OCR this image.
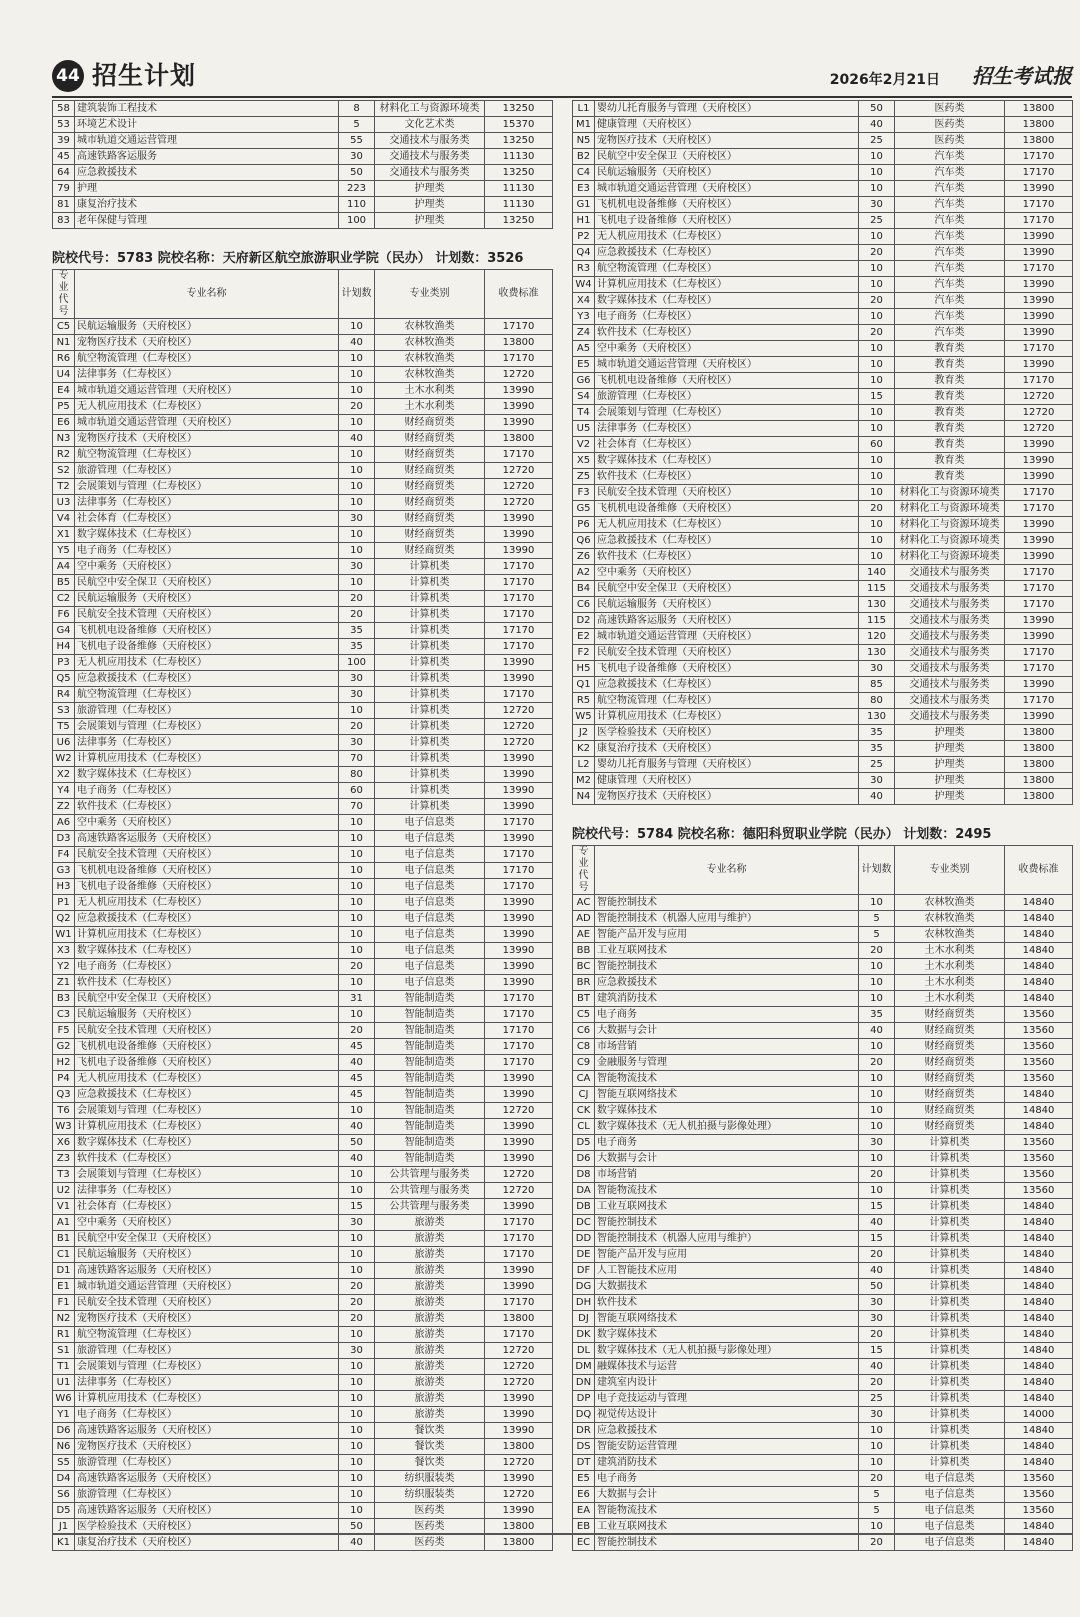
44 招生计划	2026年2月21日 招生考试报
58	建筑装饰工程技术	8	材料化工与资源环境类	13250
53	环境艺术设计	5	文化艺术类	15370
39	城市轨道交通运营管理	55	交通技术与服务类	13250
45	高速铁路客运服务	30	交通技术与服务类	11130
64	应急救援技术	50	交通技术与服务类	13250
79	护理	223	护理类	11130
81	康复治疗技术	110	护理类	11130
83	老年保健与管理	100	护理类	13250
院校代号：5783 院校名称：天府新区航空旅游职业学院（民办） 计划数：3526
专业代号	专业名称	计划数	专业类别	收费标准
C5	民航运输服务（天府校区）	10	农林牧渔类	17170
N1	宠物医疗技术（天府校区）	40	农林牧渔类	13800
R6	航空物流管理（仁寿校区）	10	农林牧渔类	17170
U4	法律事务（仁寿校区）	10	农林牧渔类	12720
E4	城市轨道交通运营管理（天府校区）	10	土木水利类	13990
P5	无人机应用技术（仁寿校区）	20	土木水利类	13990
E6	城市轨道交通运营管理（天府校区）	10	财经商贸类	13990
N3	宠物医疗技术（天府校区）	40	财经商贸类	13800
R2	航空物流管理（仁寿校区）	10	财经商贸类	17170
S2	旅游管理（仁寿校区）	10	财经商贸类	12720
T2	会展策划与管理（仁寿校区）	10	财经商贸类	12720
U3	法律事务（仁寿校区）	10	财经商贸类	12720
V4	社会体育（仁寿校区）	30	财经商贸类	13990
X1	数字媒体技术（仁寿校区）	10	财经商贸类	13990
Y5	电子商务（仁寿校区）	10	财经商贸类	13990
A4	空中乘务（天府校区）	30	计算机类	17170
B5	民航空中安全保卫（天府校区）	10	计算机类	17170
C2	民航运输服务（天府校区）	20	计算机类	17170
F6	民航安全技术管理（天府校区）	20	计算机类	17170
G4	飞机机电设备维修（天府校区）	35	计算机类	17170
H4	飞机电子设备维修（天府校区）	35	计算机类	17170
P3	无人机应用技术（仁寿校区）	100	计算机类	13990
Q5	应急救援技术（仁寿校区）	30	计算机类	13990
R4	航空物流管理（仁寿校区）	30	计算机类	17170
S3	旅游管理（仁寿校区）	10	计算机类	12720
T5	会展策划与管理（仁寿校区）	20	计算机类	12720
U6	法律事务（仁寿校区）	30	计算机类	12720
W2	计算机应用技术（仁寿校区）	70	计算机类	13990
X2	数字媒体技术（仁寿校区）	80	计算机类	13990
Y4	电子商务（仁寿校区）	60	计算机类	13990
Z2	软件技术（仁寿校区）	70	计算机类	13990
A6	空中乘务（天府校区）	10	电子信息类	17170
D3	高速铁路客运服务（天府校区）	10	电子信息类	13990
F4	民航安全技术管理（天府校区）	10	电子信息类	17170
G3	飞机机电设备维修（天府校区）	10	电子信息类	17170
H3	飞机电子设备维修（天府校区）	10	电子信息类	17170
P1	无人机应用技术（仁寿校区）	10	电子信息类	13990
Q2	应急救援技术（仁寿校区）	10	电子信息类	13990
W1	计算机应用技术（仁寿校区）	10	电子信息类	13990
X3	数字媒体技术（仁寿校区）	10	电子信息类	13990
Y2	电子商务（仁寿校区）	20	电子信息类	13990
Z1	软件技术（仁寿校区）	10	电子信息类	13990
B3	民航空中安全保卫（天府校区）	31	智能制造类	17170
C3	民航运输服务（天府校区）	10	智能制造类	17170
F5	民航安全技术管理（天府校区）	20	智能制造类	17170
G2	飞机机电设备维修（天府校区）	45	智能制造类	17170
H2	飞机电子设备维修（天府校区）	40	智能制造类	17170
P4	无人机应用技术（仁寿校区）	45	智能制造类	13990
Q3	应急救援技术（仁寿校区）	45	智能制造类	13990
T6	会展策划与管理（仁寿校区）	10	智能制造类	12720
W3	计算机应用技术（仁寿校区）	40	智能制造类	13990
X6	数字媒体技术（仁寿校区）	50	智能制造类	13990
Z3	软件技术（仁寿校区）	40	智能制造类	13990
T3	会展策划与管理（仁寿校区）	10	公共管理与服务类	12720
U2	法律事务（仁寿校区）	10	公共管理与服务类	12720
V1	社会体育（仁寿校区）	15	公共管理与服务类	13990
A1	空中乘务（天府校区）	30	旅游类	17170
B1	民航空中安全保卫（天府校区）	10	旅游类	17170
C1	民航运输服务（天府校区）	10	旅游类	17170
D1	高速铁路客运服务（天府校区）	10	旅游类	13990
E1	城市轨道交通运营管理（天府校区）	20	旅游类	13990
F1	民航安全技术管理（天府校区）	20	旅游类	17170
N2	宠物医疗技术（天府校区）	20	旅游类	13800
R1	航空物流管理（仁寿校区）	10	旅游类	17170
S1	旅游管理（仁寿校区）	30	旅游类	12720
T1	会展策划与管理（仁寿校区）	10	旅游类	12720
U1	法律事务（仁寿校区）	10	旅游类	12720
W6	计算机应用技术（仁寿校区）	10	旅游类	13990
Y1	电子商务（仁寿校区）	10	旅游类	13990
D6	高速铁路客运服务（天府校区）	10	餐饮类	13990
N6	宠物医疗技术（天府校区）	10	餐饮类	13800
S5	旅游管理（仁寿校区）	10	餐饮类	12720
D4	高速铁路客运服务（天府校区）	10	纺织服装类	13990
S6	旅游管理（仁寿校区）	10	纺织服装类	12720
D5	高速铁路客运服务（天府校区）	10	医药类	13990
J1	医学检验技术（天府校区）	50	医药类	13800
K1	康复治疗技术（天府校区）	40	医药类	13800
L1	婴幼儿托育服务与管理（天府校区）	50	医药类	13800
M1	健康管理（天府校区）	40	医药类	13800
N5	宠物医疗技术（天府校区）	25	医药类	13800
B2	民航空中安全保卫（天府校区）	10	汽车类	17170
C4	民航运输服务（天府校区）	10	汽车类	17170
E3	城市轨道交通运营管理（天府校区）	10	汽车类	13990
G1	飞机机电设备维修（天府校区）	30	汽车类	17170
H1	飞机电子设备维修（天府校区）	25	汽车类	17170
P2	无人机应用技术（仁寿校区）	10	汽车类	13990
Q4	应急救援技术（仁寿校区）	20	汽车类	13990
R3	航空物流管理（仁寿校区）	10	汽车类	17170
W4	计算机应用技术（仁寿校区）	10	汽车类	13990
X4	数字媒体技术（仁寿校区）	20	汽车类	13990
Y3	电子商务（仁寿校区）	10	汽车类	13990
Z4	软件技术（仁寿校区）	20	汽车类	13990
A5	空中乘务（天府校区）	10	教育类	17170
E5	城市轨道交通运营管理（天府校区）	10	教育类	13990
G6	飞机机电设备维修（天府校区）	10	教育类	17170
S4	旅游管理（仁寿校区）	15	教育类	12720
T4	会展策划与管理（仁寿校区）	10	教育类	12720
U5	法律事务（仁寿校区）	10	教育类	12720
V2	社会体育（仁寿校区）	60	教育类	13990
X5	数字媒体技术（仁寿校区）	10	教育类	13990
Z5	软件技术（仁寿校区）	10	教育类	13990
F3	民航安全技术管理（天府校区）	10	材料化工与资源环境类	17170
G5	飞机机电设备维修（天府校区）	20	材料化工与资源环境类	17170
P6	无人机应用技术（仁寿校区）	10	材料化工与资源环境类	13990
Q6	应急救援技术（仁寿校区）	10	材料化工与资源环境类	13990
Z6	软件技术（仁寿校区）	10	材料化工与资源环境类	13990
A2	空中乘务（天府校区）	140	交通技术与服务类	17170
B4	民航空中安全保卫（天府校区）	115	交通技术与服务类	17170
C6	民航运输服务（天府校区）	130	交通技术与服务类	17170
D2	高速铁路客运服务（天府校区）	115	交通技术与服务类	13990
E2	城市轨道交通运营管理（天府校区）	120	交通技术与服务类	13990
F2	民航安全技术管理（天府校区）	130	交通技术与服务类	17170
H5	飞机电子设备维修（天府校区）	30	交通技术与服务类	17170
Q1	应急救援技术（仁寿校区）	85	交通技术与服务类	13990
R5	航空物流管理（仁寿校区）	80	交通技术与服务类	17170
W5	计算机应用技术（仁寿校区）	130	交通技术与服务类	13990
J2	医学检验技术（天府校区）	35	护理类	13800
K2	康复治疗技术（天府校区）	35	护理类	13800
L2	婴幼儿托育服务与管理（天府校区）	25	护理类	13800
M2	健康管理（天府校区）	30	护理类	13800
N4	宠物医疗技术（天府校区）	40	护理类	13800
院校代号：5784 院校名称：德阳科贸职业学院（民办） 计划数：2495
专业代号	专业名称	计划数	专业类别	收费标准
AC	智能控制技术	10	农林牧渔类	14840
AD	智能控制技术（机器人应用与维护）	5	农林牧渔类	14840
AE	智能产品开发与应用	5	农林牧渔类	14840
BB	工业互联网技术	20	土木水利类	14840
BC	智能控制技术	10	土木水利类	14840
BR	应急救援技术	10	土木水利类	14840
BT	建筑消防技术	10	土木水利类	14840
C5	电子商务	35	财经商贸类	13560
C6	大数据与会计	40	财经商贸类	13560
C8	市场营销	10	财经商贸类	13560
C9	金融服务与管理	20	财经商贸类	13560
CA	智能物流技术	10	财经商贸类	13560
CJ	智能互联网络技术	10	财经商贸类	14840
CK	数字媒体技术	10	财经商贸类	14840
CL	数字媒体技术（无人机拍摄与影像处理）	10	财经商贸类	14840
D5	电子商务	30	计算机类	13560
D6	大数据与会计	10	计算机类	13560
D8	市场营销	20	计算机类	13560
DA	智能物流技术	10	计算机类	13560
DB	工业互联网技术	15	计算机类	14840
DC	智能控制技术	40	计算机类	14840
DD	智能控制技术（机器人应用与维护）	15	计算机类	14840
DE	智能产品开发与应用	20	计算机类	14840
DF	人工智能技术应用	40	计算机类	14840
DG	大数据技术	50	计算机类	14840
DH	软件技术	30	计算机类	14840
DJ	智能互联网络技术	30	计算机类	14840
DK	数字媒体技术	20	计算机类	14840
DL	数字媒体技术（无人机拍摄与影像处理）	15	计算机类	14840
DM	融媒体技术与运营	40	计算机类	14840
DN	建筑室内设计	20	计算机类	14840
DP	电子竞技运动与管理	25	计算机类	14840
DQ	视觉传达设计	30	计算机类	14000
DR	应急救援技术	10	计算机类	14840
DS	智能安防运营管理	10	计算机类	14840
DT	建筑消防技术	10	计算机类	14840
E5	电子商务	20	电子信息类	13560
E6	大数据与会计	5	电子信息类	13560
EA	智能物流技术	5	电子信息类	13560
EB	工业互联网技术	10	电子信息类	14840
EC	智能控制技术	20	电子信息类	14840
